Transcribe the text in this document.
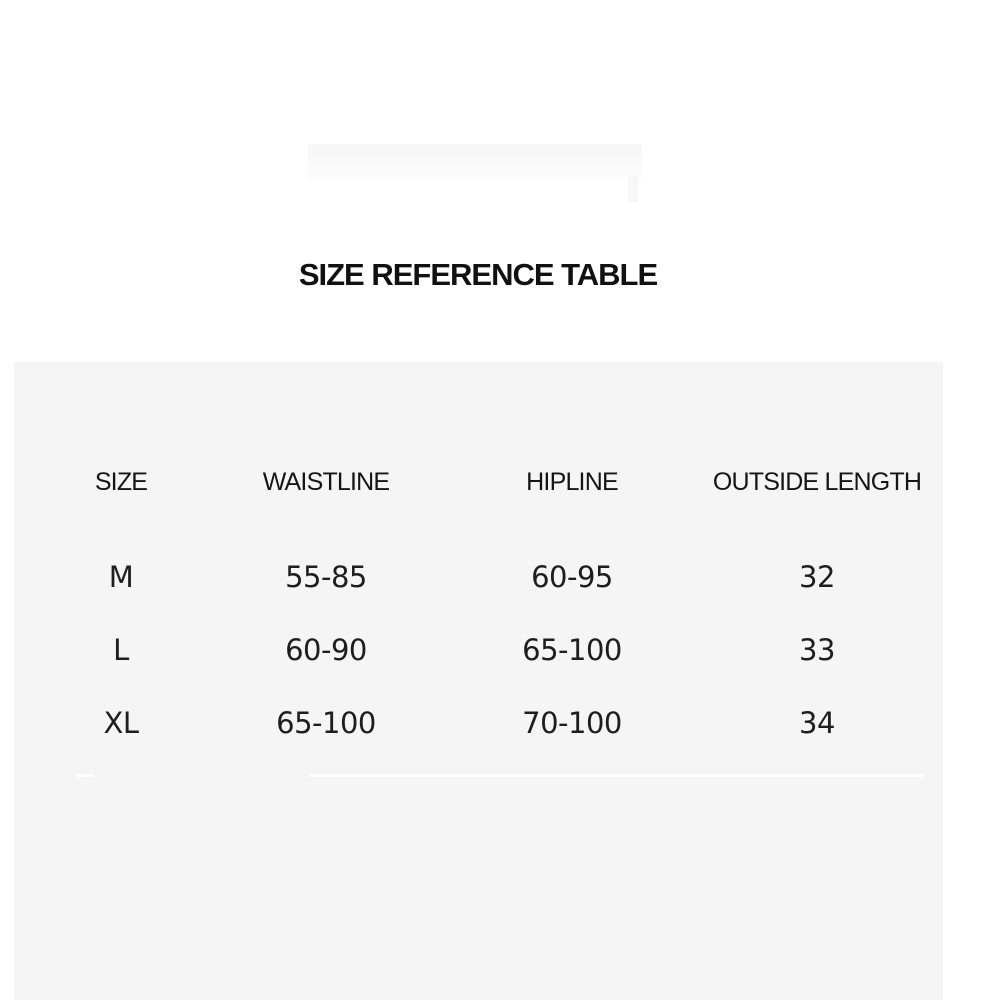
SIZE REFERENCE TABLE
SIZE	WAISTLINE	HIPLINE	OUTSIDE LENGTH
M	55-85	60-95	32
L	60-90	65-100	33
XL	65-100	70-100	34
